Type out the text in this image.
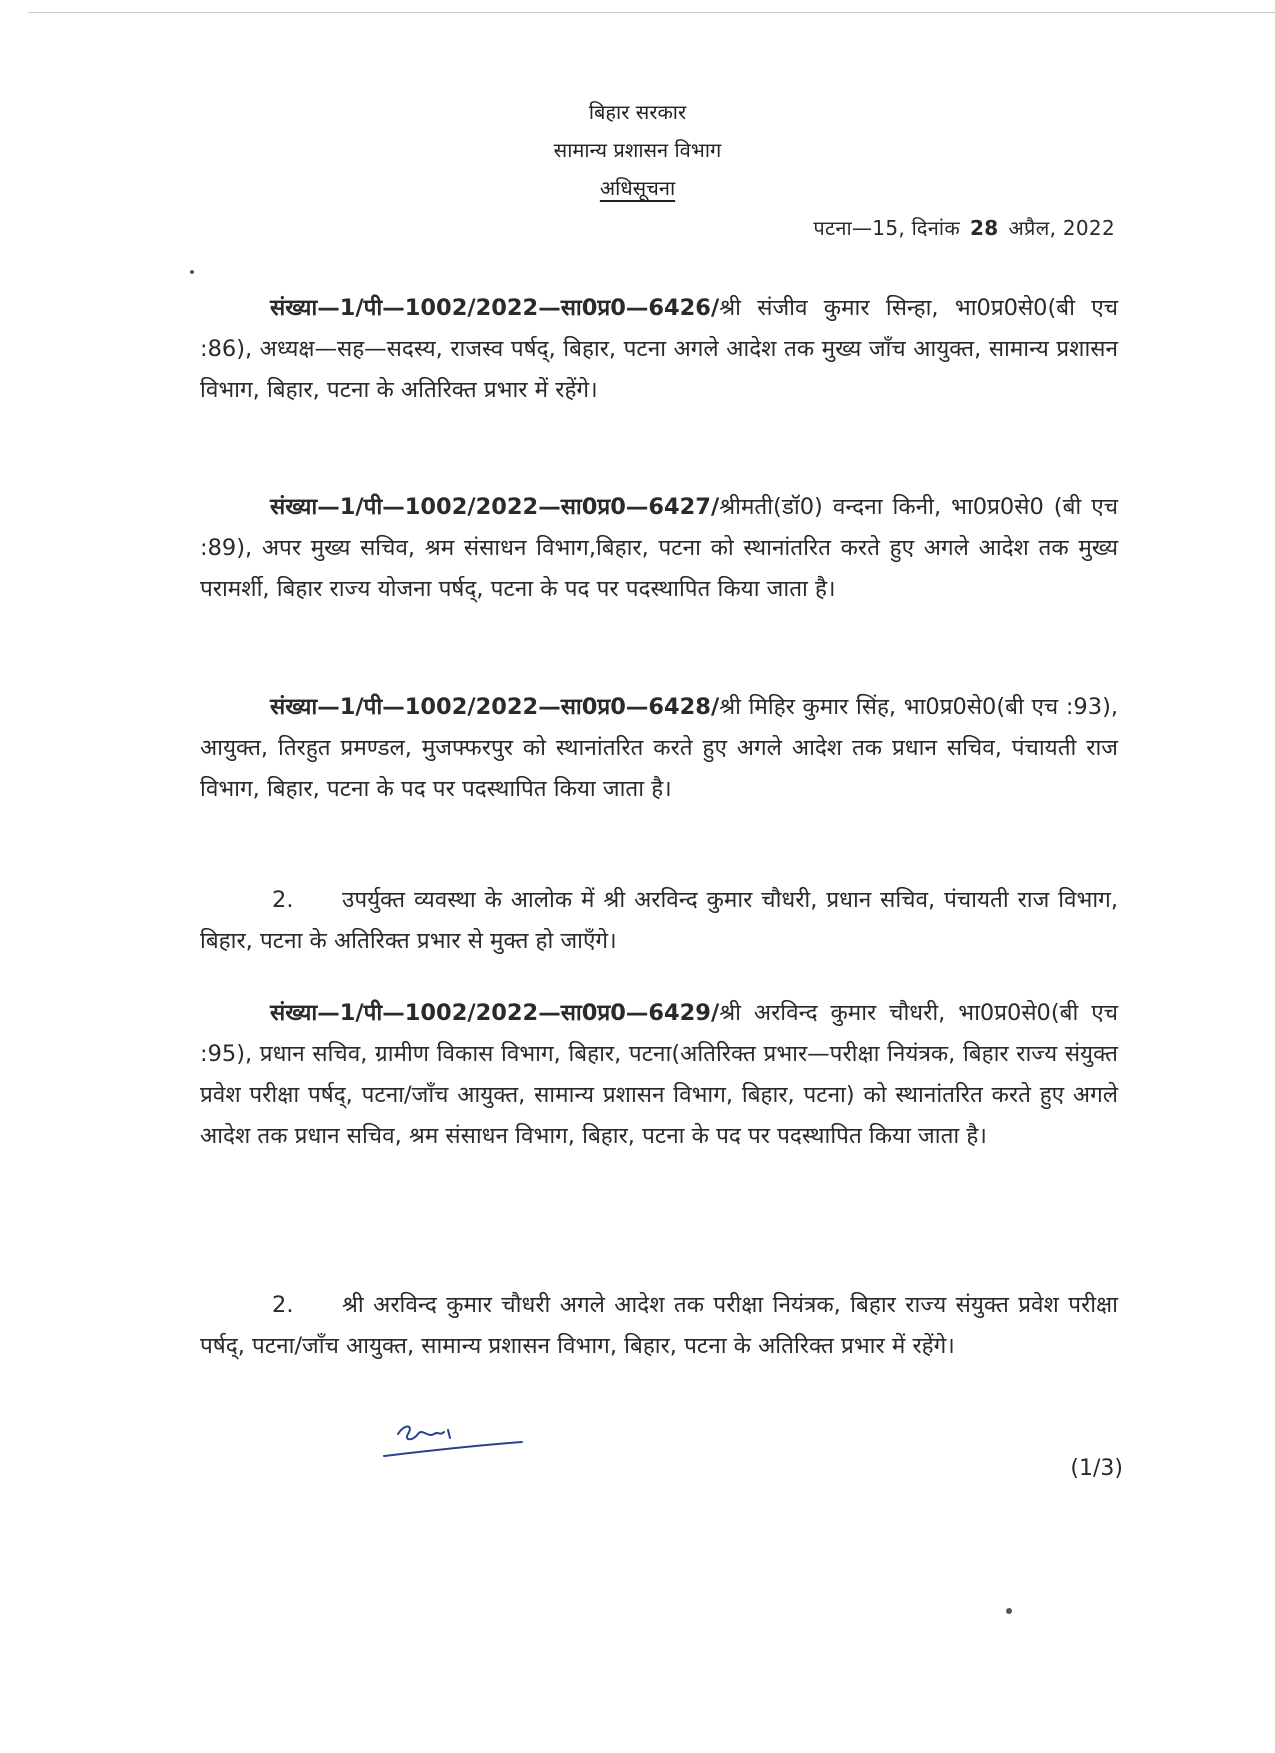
बिहार सरकार
सामान्य प्रशासन विभाग
अधिसूचना
पटना—15, दिनांक 28 अप्रैल, 2022
संख्या—1/पी—1002/2022—सा0प्र0—6426/श्री संजीव कुमार सिन्हा, भा0प्र0से0(बी एच :86), अध्यक्ष—सह—सदस्य, राजस्व पर्षद्, बिहार, पटना अगले आदेश तक मुख्य जॉंच आयुक्त, सामान्य प्रशासन विभाग, बिहार, पटना के अतिरिक्त प्रभार में रहेंगे।
संख्या—1/पी—1002/2022—सा0प्र0—6427/श्रीमती(डॉ0) वन्दना किनी, भा0प्र0से0 (बी एच :89), अपर मुख्य सचिव, श्रम संसाधन विभाग,बिहार, पटना को स्थानांतरित करते हुए अगले आदेश तक मुख्य परामर्शी, बिहार राज्य योजना पर्षद्, पटना के पद पर पदस्थापित किया जाता है।
संख्या—1/पी—1002/2022—सा0प्र0—6428/श्री मिहिर कुमार सिंह, भा0प्र0से0(बी एच :93), आयुक्त, तिरहुत प्रमण्डल, मुजफ्फरपुर को स्थानांतरित करते हुए अगले आदेश तक प्रधान सचिव, पंचायती राज विभाग, बिहार, पटना के पद पर पदस्थापित किया जाता है।
2. उपर्युक्त व्यवस्था के आलोक में श्री अरविन्द कुमार चौधरी, प्रधान सचिव, पंचायती राज विभाग, बिहार, पटना के अतिरिक्त प्रभार से मुक्त हो जाएँगे।
संख्या—1/पी—1002/2022—सा0प्र0—6429/श्री अरविन्द कुमार चौधरी, भा0प्र0से0(बी एच :95), प्रधान सचिव, ग्रामीण विकास विभाग, बिहार, पटना(अतिरिक्त प्रभार—परीक्षा नियंत्रक, बिहार राज्य संयुक्त प्रवेश परीक्षा पर्षद्, पटना/जॉंच आयुक्त, सामान्य प्रशासन विभाग, बिहार, पटना) को स्थानांतरित करते हुए अगले आदेश तक प्रधान सचिव, श्रम संसाधन विभाग, बिहार, पटना के पद पर पदस्थापित किया जाता है।
2. श्री अरविन्द कुमार चौधरी अगले आदेश तक परीक्षा नियंत्रक, बिहार राज्य संयुक्त प्रवेश परीक्षा पर्षद्, पटना/जॉंच आयुक्त, सामान्य प्रशासन विभाग, बिहार, पटना के अतिरिक्त प्रभार में रहेंगे।
(1/3)
